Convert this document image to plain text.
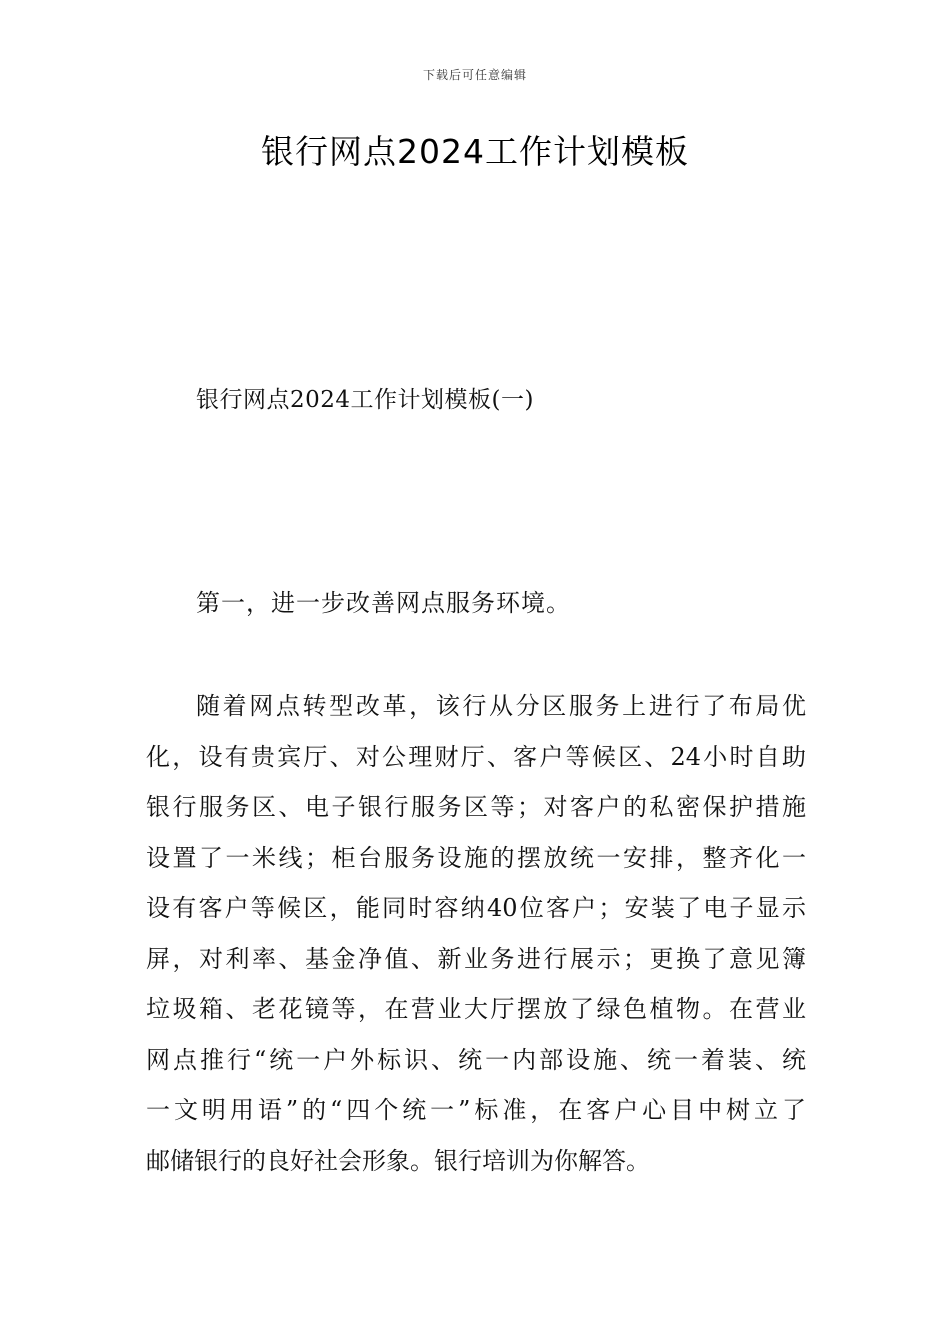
下载后可任意编辑
银行网点2024工作计划模板
银行网点2024工作计划模板(一)
第一，进一步改善网点服务环境。

随着网点转型改革，该行从分区服务上进行了布局优
化，设有贵宾厅、对公理财厅、客户等候区、24小时自助
银行服务区、电子银行服务区等；对客户的私密保护措施
设置了一米线；柜台服务设施的摆放统一安排，整齐化一
设有客户等候区，能同时容纳40位客户；安装了电子显示
屏，对利率、基金净值、新业务进行展示；更换了意见簿
垃圾箱、老花镜等，在营业大厅摆放了绿色植物。在营业
网点推行“统一户外标识、统一内部设施、统一着装、统
一文明用语”的“四个统一”标准，在客户心目中树立了
邮储银行的良好社会形象。银行培训为你解答。
